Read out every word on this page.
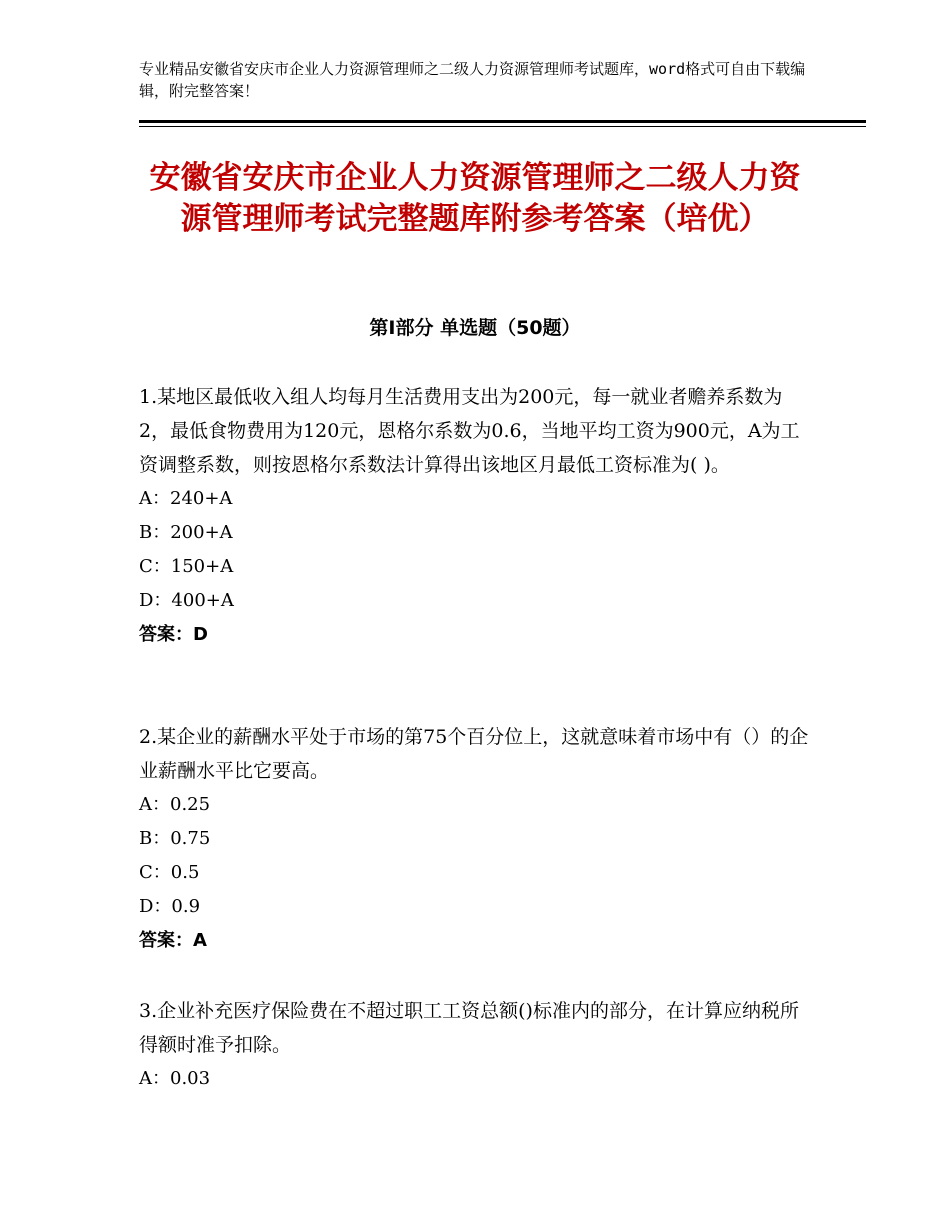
专业精品安徽省安庆市企业人力资源管理师之二级人力资源管理师考试题库，word格式可自由下载编辑，附完整答案！
安徽省安庆市企业人力资源管理师之二级人力资源管理师考试完整题库附参考答案（培优）
第Ⅰ部分 单选题（50题）

1.某地区最低收入组人均每月生活费用支出为200元，每一就业者赡养系数为2，最低食物费用为120元，恩格尔系数为0.6，当地平均工资为900元，A为工资调整系数，则按恩格尔系数法计算得出该地区月最低工资标准为( )。

A：240+A

B：200+A

C：150+A

D：400+A

答案：D

2.某企业的薪酬水平处于市场的第75个百分位上，这就意味着市场中有（）的企业薪酬水平比它要高。

A：0.25

B：0.75

C：0.5

D：0.9

答案：A

3.企业补充医疗保险费在不超过职工工资总额()标准内的部分，在计算应纳税所得额时准予扣除。

A：0.03
